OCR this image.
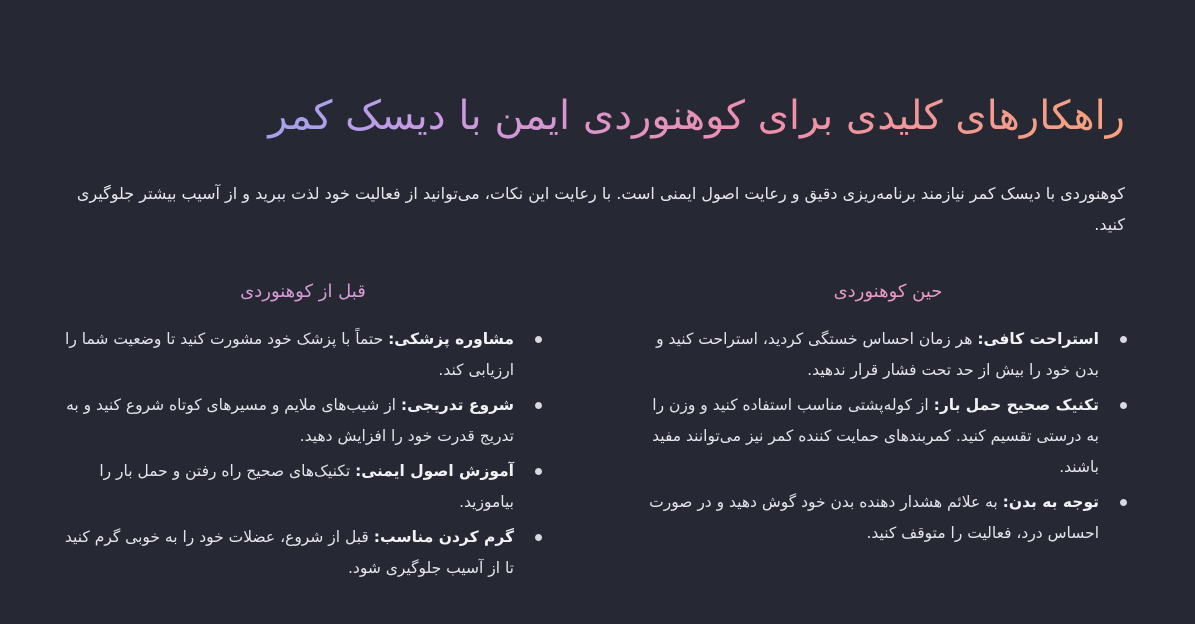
راهکارهای کلیدی برای کوهنوردی ایمن با دیسک کمر

کوهنوردی با دیسک کمر نیازمند برنامه‌ریزی دقیق و رعایت اصول ایمنی است. با رعایت این نکات، می‌توانید از فعالیت خود لذت ببرید و از آسیب بیشتر جلوگیری کنید.

حین کوهنوردی
استراحت کافی: هر زمان احساس خستگی کردید، استراحت کنید و بدن خود را بیش از حد تحت فشار قرار ندهید.
تکنیک صحیح حمل بار: از کوله‌پشتی مناسب استفاده کنید و وزن را به درستی تقسیم کنید. کمربندهای حمایت کننده کمر نیز می‌توانند مفید باشند.
توجه به بدن: به علائم هشدار دهنده بدن خود گوش دهید و در صورت احساس درد، فعالیت را متوقف کنید.
قبل از کوهنوردی
مشاوره پزشکی: حتماً با پزشک خود مشورت کنید تا وضعیت شما را ارزیابی کند.
شروع تدریجی: از شیب‌های ملایم و مسیرهای کوتاه شروع کنید و به تدریج قدرت خود را افزایش دهید.
آموزش اصول ایمنی: تکنیک‌های صحیح راه رفتن و حمل بار را بیاموزید.
گرم کردن مناسب: قبل از شروع، عضلات خود را به خوبی گرم کنید تا از آسیب جلوگیری شود.
